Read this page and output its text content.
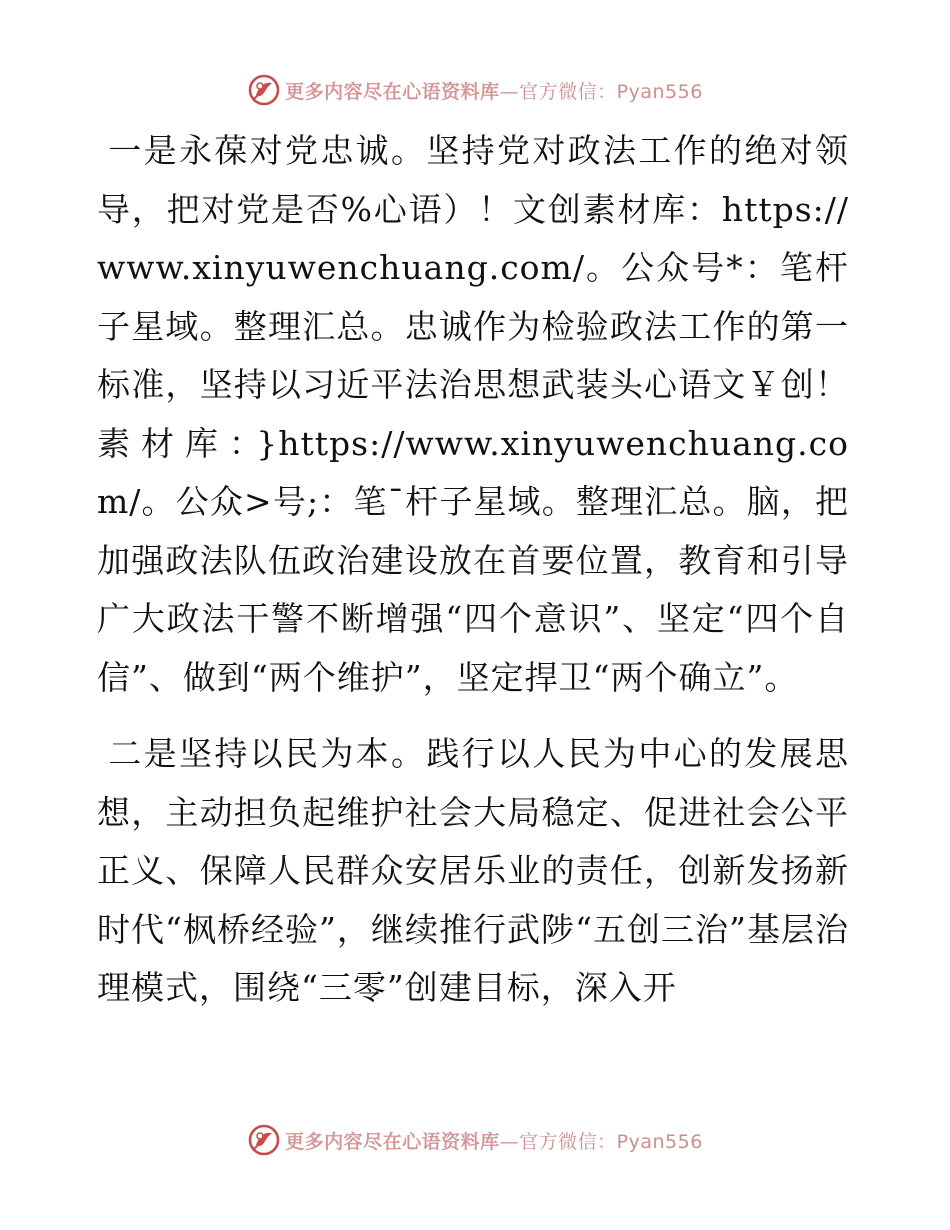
更多内容尽在心语资料库—官方微信：Pyan556

一是永葆对党忠诚。坚持党对政法工作的绝对领导，把对党是否%心语）！文创素材库：https://www.xinyuwenchuang.com/。公众号*：笔杆子星域。整理汇总。忠诚作为检验政法工作的第一标准，坚持以习近平法治思想武装头心语文￥创！素材库：}https://www.xinyuwenchuang.com/。公众>号;：笔¯杆子星域。整理汇总。脑，把加强政法队伍政治建设放在首要位置，教育和引导广大政法干警不断增强“四个意识”、坚定“四个自信”、做到“两个维护”，坚定捍卫“两个确立”。

二是坚持以民为本。践行以人民为中心的发展思想，主动担负起维护社会大局稳定、促进社会公平正义、保障人民群众安居乐业的责任，创新发扬新时代“枫桥经验”，继续推行武陟“五创三治”基层治理模式，围绕“三零”创建目标，深入开

更多内容尽在心语资料库—官方微信：Pyan556
